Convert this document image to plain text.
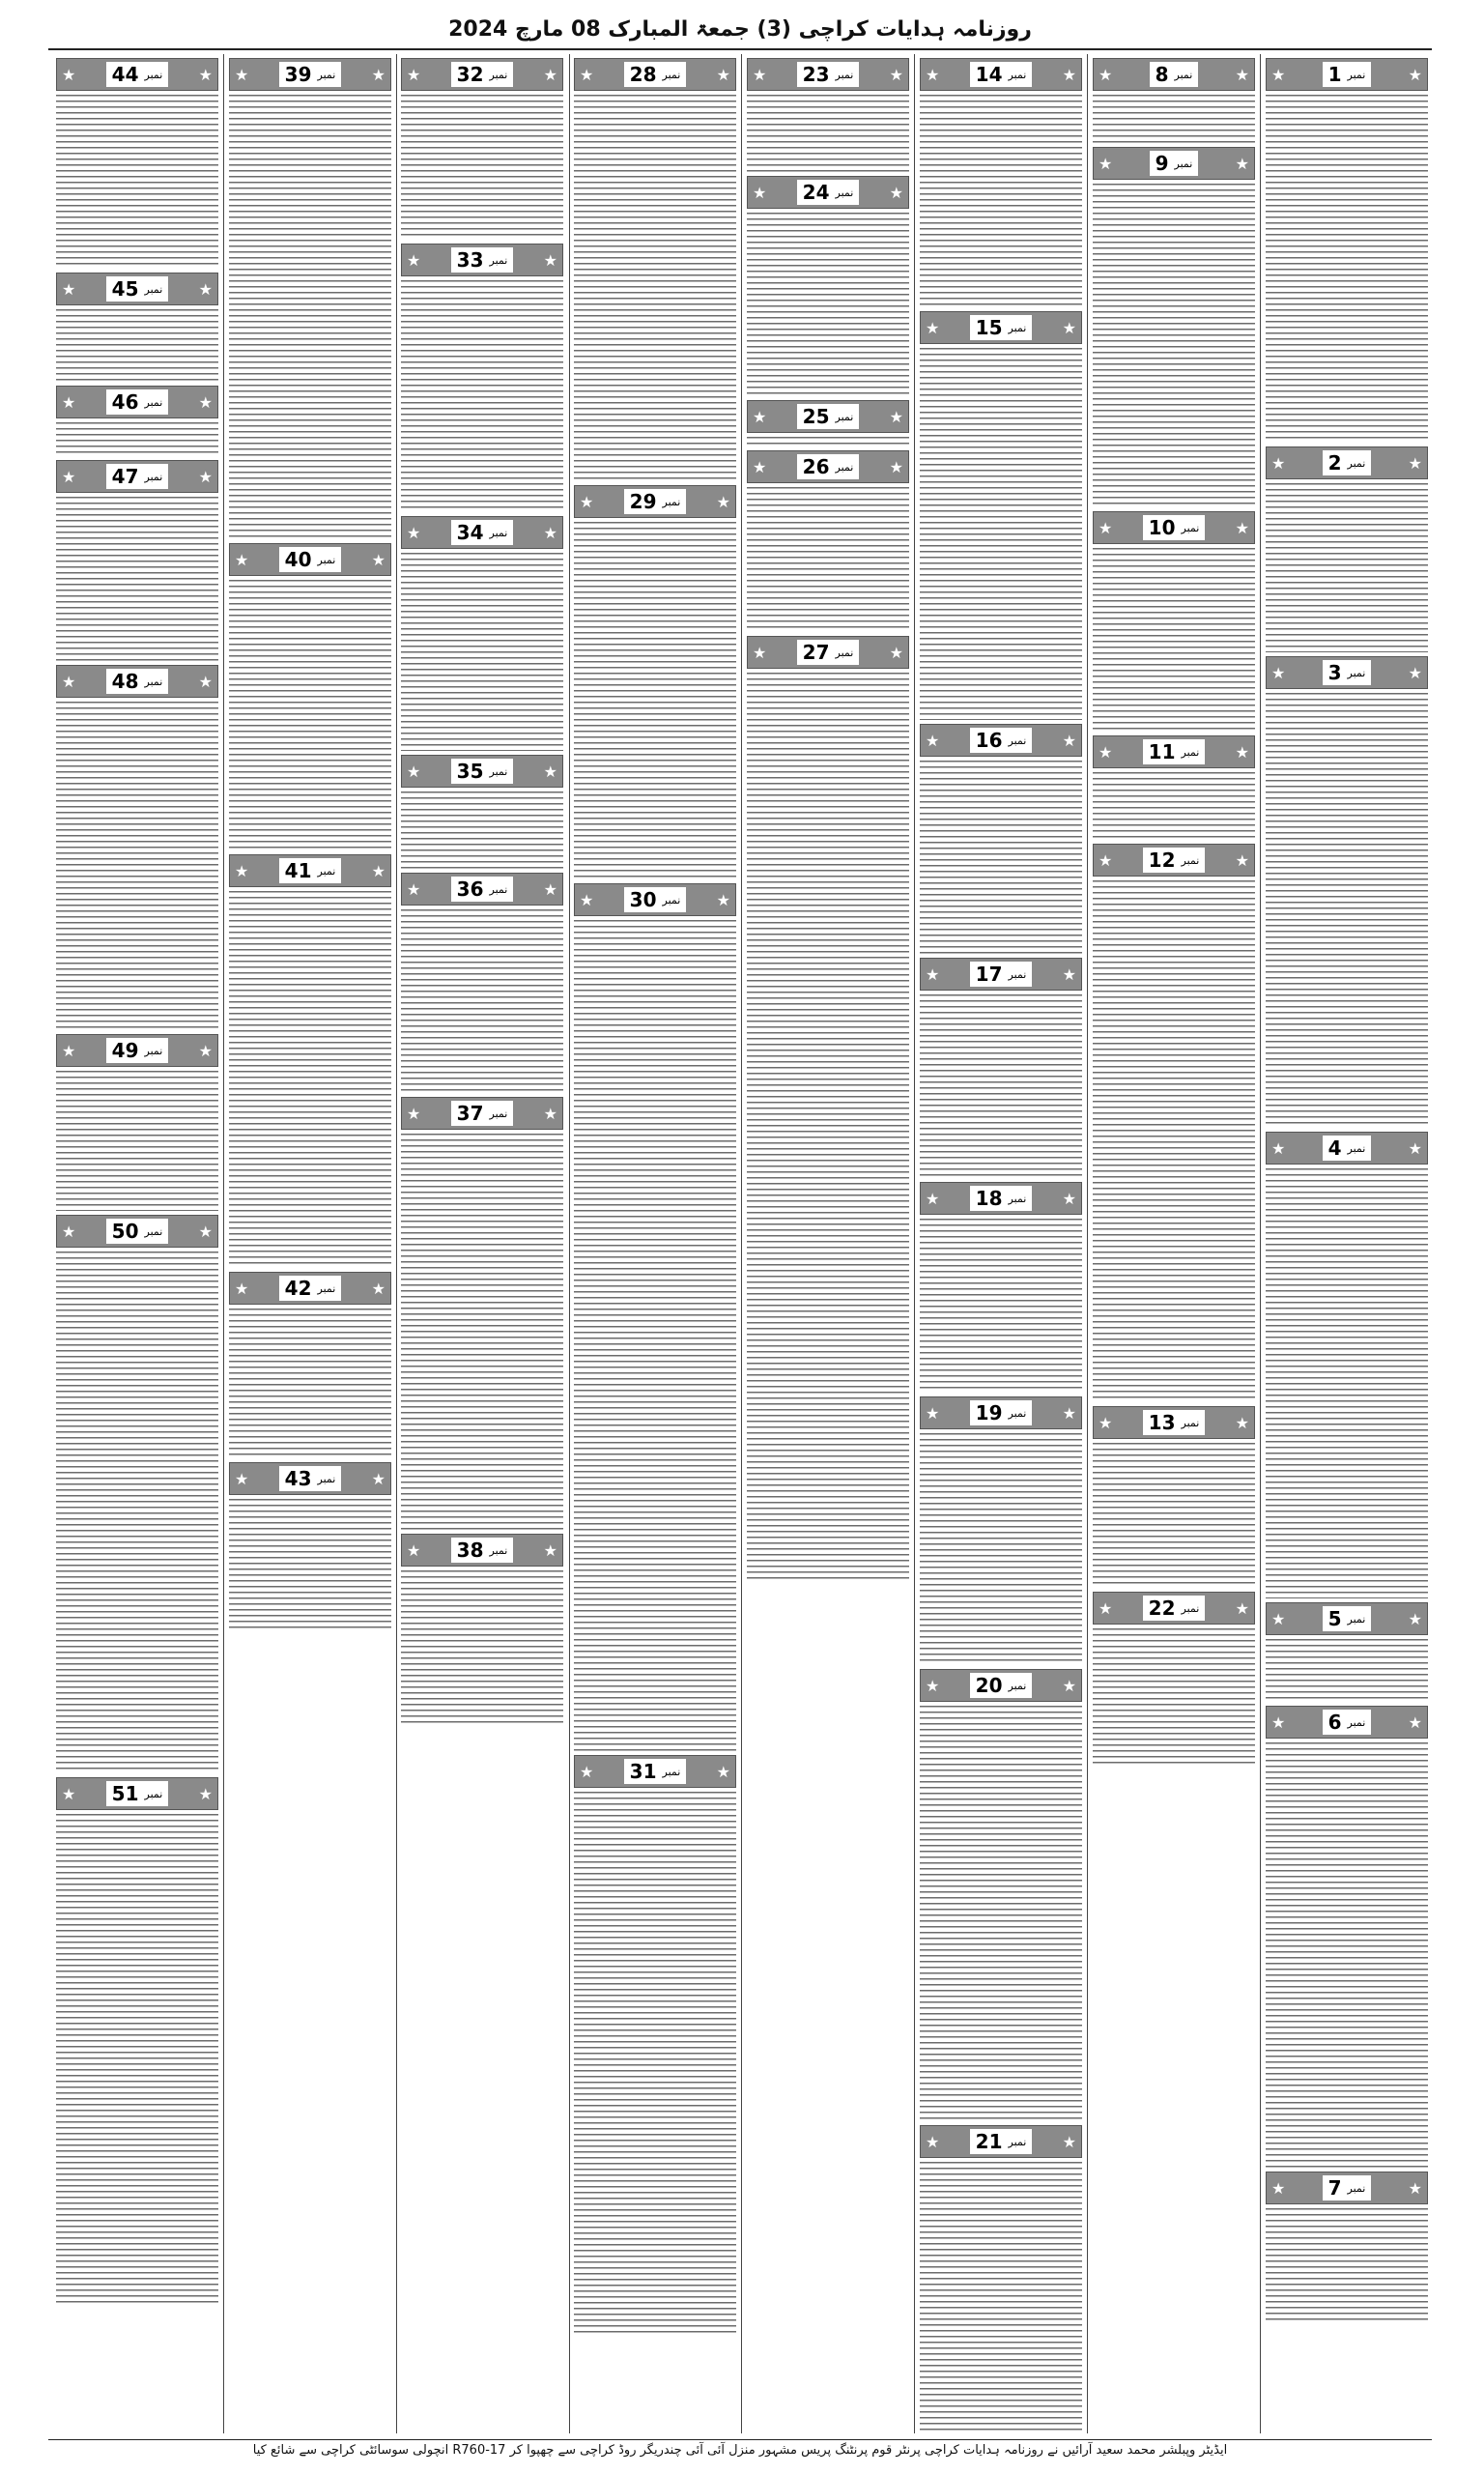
روزنامہ ہدایات کراچی (3) جمعۃ المبارک 08 مارچ 2024
★	نمبر
1	★
★	نمبر
2	★
★	نمبر
3	★
★	نمبر
4	★
★	نمبر
5	★
★	نمبر
6	★
★	نمبر
7	★
★	نمبر
8	★
★	نمبر
9	★
★	نمبر
10	★
★	نمبر
11	★
★	نمبر
12	★
★	نمبر
13	★
★	نمبر
22	★
★	نمبر
14	★
★	نمبر
15	★
★	نمبر
16	★
★	نمبر
17	★
★	نمبر
18	★
★	نمبر
19	★
★	نمبر
20	★
★	نمبر
21	★
★	نمبر
23	★
★	نمبر
24	★
★	نمبر
25	★
★	نمبر
26	★
★	نمبر
27	★
★	نمبر
28	★
★	نمبر
29	★
★	نمبر
30	★
★	نمبر
31	★
★	نمبر
32	★
★	نمبر
33	★
★	نمبر
34	★
★	نمبر
35	★
★	نمبر
36	★
★	نمبر
37	★
★	نمبر
38	★
★	نمبر
39	★
★	نمبر
40	★
★	نمبر
41	★
★	نمبر
42	★
★	نمبر
43	★
★	نمبر
44	★
★	نمبر
45	★
★	نمبر
46	★
★	نمبر
47	★
★	نمبر
48	★
★	نمبر
49	★
★	نمبر
50	★
★	نمبر
51	★
ایڈیٹر وپبلشر محمد سعید آرائیں نے روزنامہ ہدایات کراچی پرنٹر قوم پرنٹنگ پریس مشہور منزل آئی آئی چندریگر روڈ کراچی سے چھپوا کر R760-17 انچولی سوسائٹی کراچی سے شائع کیا
